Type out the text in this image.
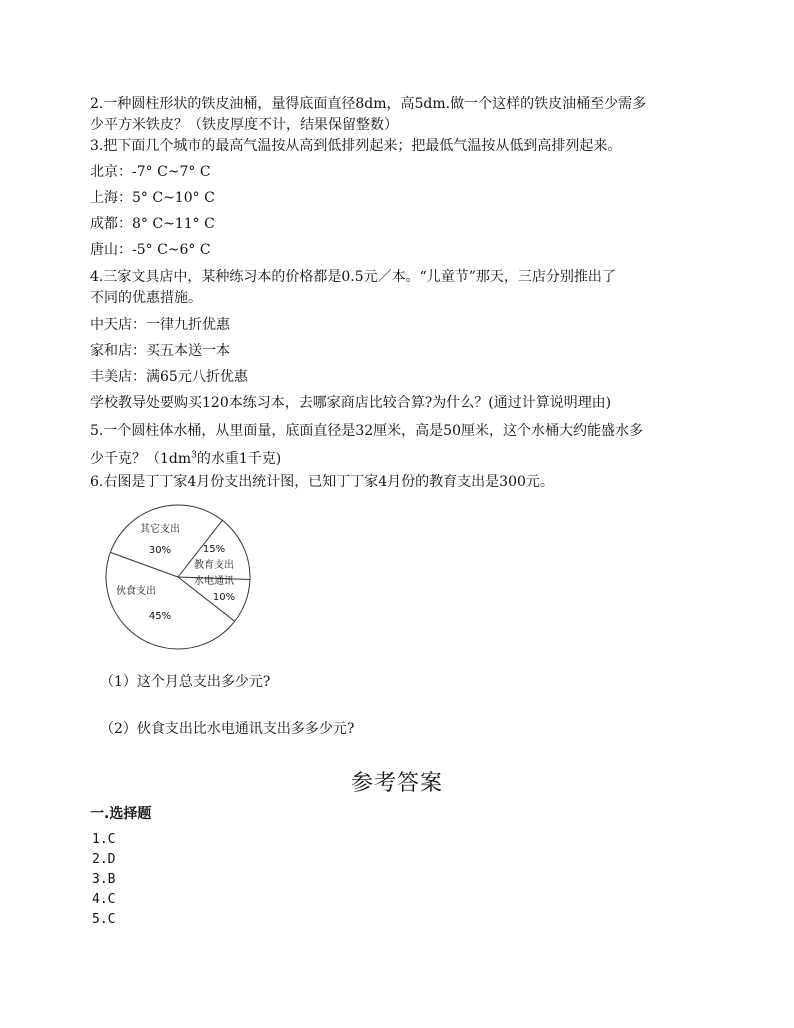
2.一种圆柱形状的铁皮油桶，量得底面直径8dm，高5dm.做一个这样的铁皮油桶至少需多
少平方米铁皮？（铁皮厚度不计，结果保留整数）
3.把下面几个城市的最高气温按从高到低排列起来；把最低气温按从低到高排列起来。
北京：-7° C~7° C
上海：5° C~10° C
成都：8° C~11° C
唐山：-5° C~6° C
4.三家文具店中，某种练习本的价格都是0.5元／本。“儿童节”那天，三店分别推出了
不同的优惠措施。
中天店：一律九折优惠
家和店：买五本送一本
丰美店：满65元八折优惠
学校教导处要购买120本练习本，去哪家商店比较合算?为什么？(通过计算说明理由)
5.一个圆柱体水桶，从里面量，底面直径是32厘米，高是50厘米，这个水桶大约能盛水多
少千克？（$1dm^3$的水重1千克)
6.右图是丁丁家4月份支出统计图，已知丁丁家4月份的教育支出是300元。
其它支出
30%
教育支出
15%
水电通讯
10%
伙食支出
45%
（1）这个月总支出多少元?
（2）伙食支出比水电通讯支出多多少元?
参考答案
一.选择题
1.C
2.D
3.B
4.C
5.C
